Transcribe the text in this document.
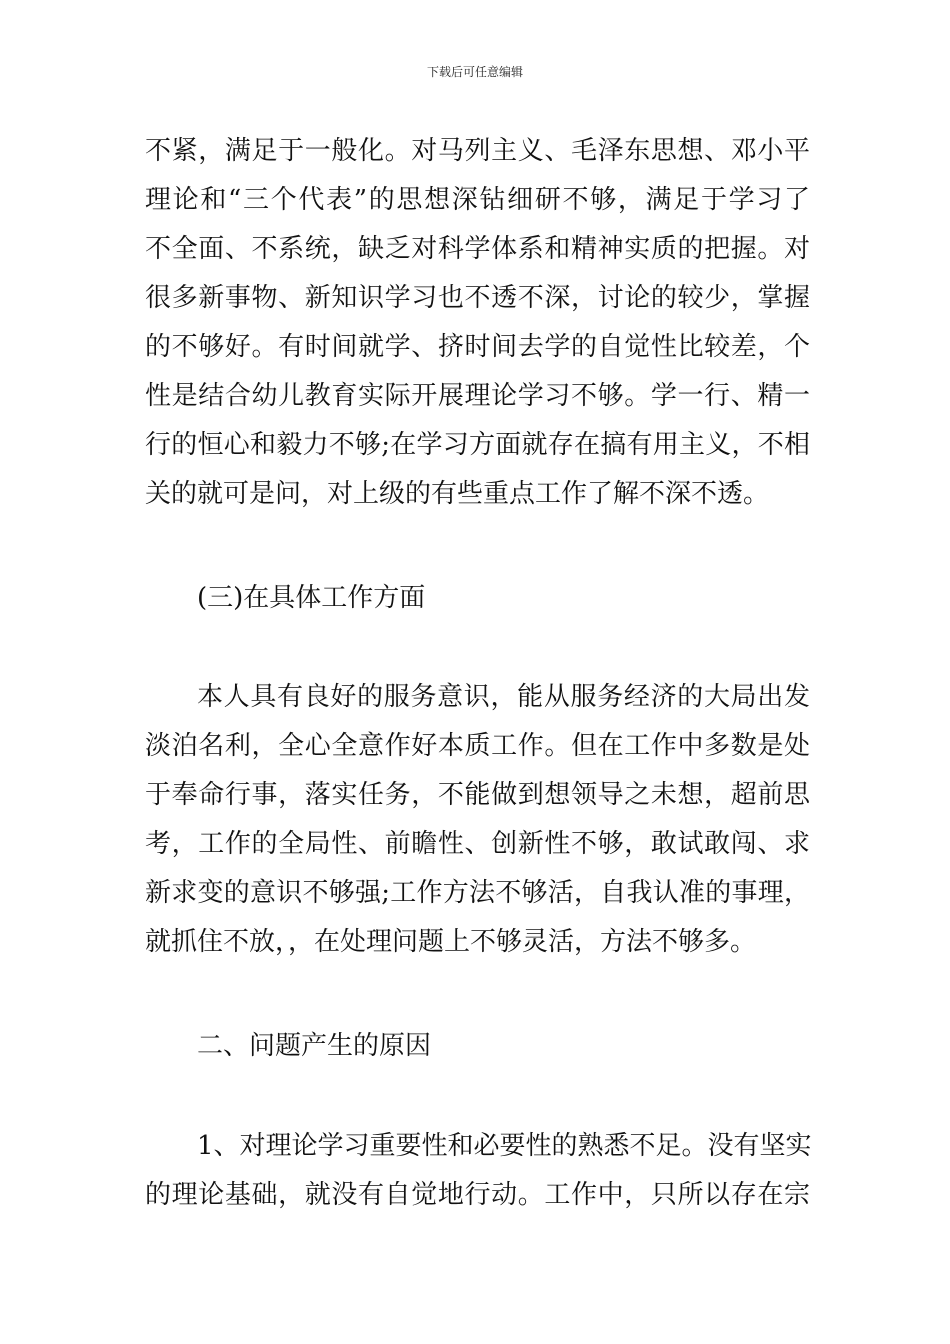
下载后可任意编辑
不紧，满足于一般化。对马列主义、毛泽东思想、邓小平
理论和“三个代表”的思想深钻细研不够，满足于学习了
不全面、不系统，缺乏对科学体系和精神实质的把握。对
很多新事物、新知识学习也不透不深，讨论的较少，掌握
的不够好。有时间就学、挤时间去学的自觉性比较差，个
性是结合幼儿教育实际开展理论学习不够。学一行、精一
行的恒心和毅力不够;在学习方面就存在搞有用主义，不相
关的就可是问，对上级的有些重点工作了解不深不透。
(三)在具体工作方面
本人具有良好的服务意识，能从服务经济的大局出发
淡泊名利，全心全意作好本质工作。但在工作中多数是处
于奉命行事，落实任务，不能做到想领导之未想，超前思
考，工作的全局性、前瞻性、创新性不够，敢试敢闯、求
新求变的意识不够强;工作方法不够活，自我认准的事理，
就抓住不放，，在处理问题上不够灵活，方法不够多。
二、问题产生的原因
1、对理论学习重要性和必要性的熟悉不足。没有坚实
的理论基础，就没有自觉地行动。工作中，只所以存在宗
